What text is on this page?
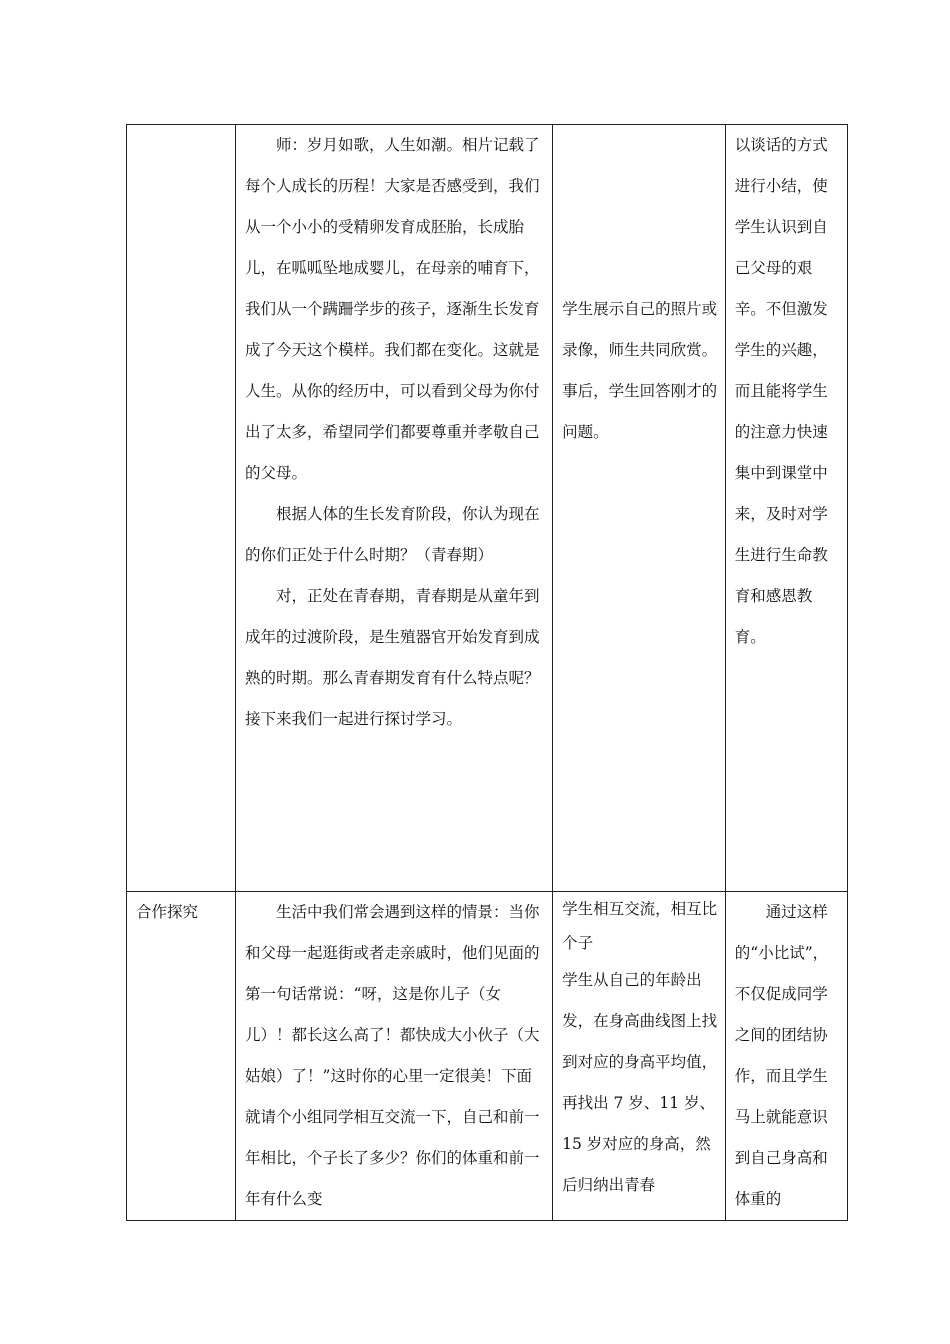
	师：岁月如歌，人生如潮。相片记载了每个人成长的历程！大家是否感受到，我们从一个小小的受精卵发育成胚胎，长成胎儿，在呱呱坠地成婴儿，在母亲的哺育下，我们从一个蹒跚学步的孩子，逐渐生长发育成了今天这个模样。我们都在变化。这就是人生。从你的经历中，可以看到父母为你付出了太多，希望同学们都要尊重并孝敬自己的父母。

根据人体的生长发育阶段，你认为现在的你们正处于什么时期？（青春期）

对，正处在青春期，青春期是从童年到成年的过渡阶段，是生殖器官开始发育到成熟的时期。那么青春期发育有什么特点呢？接下来我们一起进行探讨学习。	学生展示自己的照片或录像，师生共同欣赏。事后，学生回答刚才的问题。	以谈话的方式进行小结，使学生认识到自己父母的艰辛。不但激发学生的兴趣，而且能将学生的注意力快速集中到课堂中来，及时对学生进行生命教育和感恩教育。

合作探究	生活中我们常会遇到这样的情景：当你和父母一起逛街或者走亲戚时，他们见面的第一句话常说：“呀，这是你儿子（女儿）！都长这么高了！都快成大小伙子（大姑娘）了！”这时你的心里一定很美！下面就请个小组同学相互交流一下，自己和前一年相比，个子长了多少？你们的体重和前一年有什么变	学生相互交流，相互比个子

学生从自己的年龄出发，在身高曲线图上找到对应的身高平均值，再找出 7 岁、11 岁、15 岁对应的身高，然后归纳出青春	通过这样的“小比试”，不仅促成同学之间的团结协作，而且学生马上就能意识到自己身高和体重的
